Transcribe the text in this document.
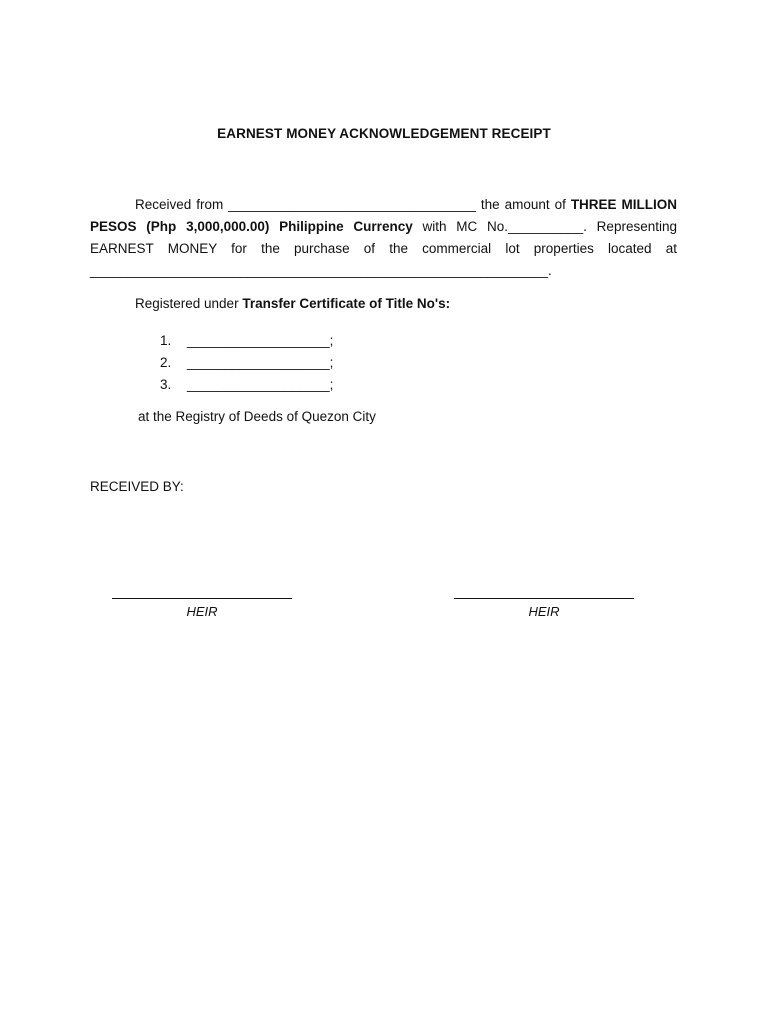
EARNEST MONEY ACKNOWLEDGEMENT RECEIPT
Received from _________________________________ the amount of THREE MILLION PESOS (Php 3,000,000.00) Philippine Currency with MC No.__________. Representing EARNEST MONEY for the purchase of the commercial lot properties located at _____________________________________________________________.
Registered under Transfer Certificate of Title No's:
1. ___________________;
2. ___________________;
3. ___________________;
at the Registry of Deeds of Quezon City
RECEIVED BY:
HEIR	HEIR
